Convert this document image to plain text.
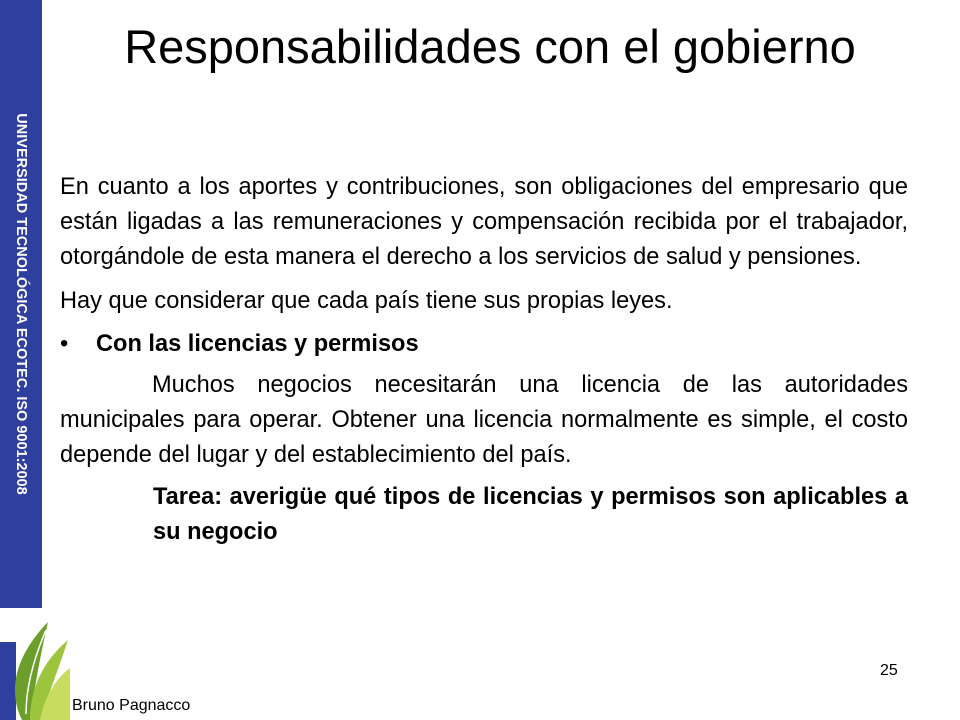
UNIVERSIDAD TECNOLÓGICA ECOTEC. ISO 9001:2008
Responsabilidades con el gobierno

En cuanto a los aportes y contribuciones, son obligaciones del empresario que están ligadas a las remuneraciones y compensación recibida por el trabajador, otorgándole de esta manera el derecho a los servicios de salud y pensiones.

Hay que considerar que cada país tiene sus propias leyes.

•	Con las licencias y permisos

Muchos negocios necesitarán una licencia de las autoridades municipales para operar. Obtener una licencia normalmente es simple, el costo depende del lugar y del establecimiento del país.

Tarea: averigüe qué tipos de licencias y permisos son aplicables a su negocio

25
Bruno Pagnacco
